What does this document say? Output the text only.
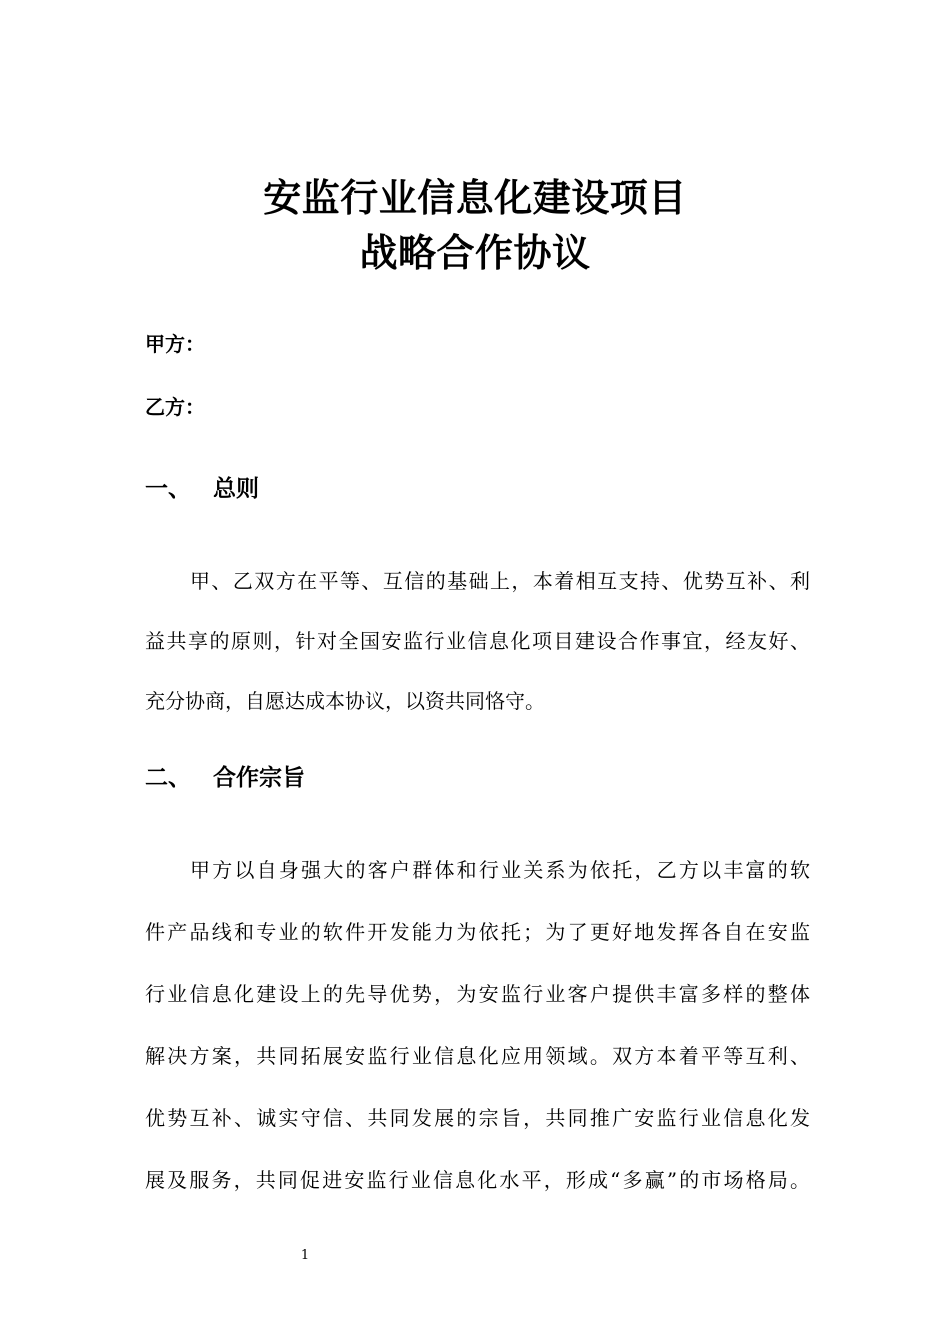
安监行业信息化建设项目
战略合作协议
甲方：
乙方：
一、 总则
甲、乙双方在平等、互信的基础上，本着相互支持、优势互补、利
益共享的原则，针对全国安监行业信息化项目建设合作事宜，经友好、
充分协商，自愿达成本协议，以资共同恪守。
二、 合作宗旨
甲方以自身强大的客户群体和行业关系为依托，乙方以丰富的软
件产品线和专业的软件开发能力为依托；为了更好地发挥各自在安监
行业信息化建设上的先导优势，为安监行业客户提供丰富多样的整体
解决方案，共同拓展安监行业信息化应用领域。双方本着平等互利、
优势互补、诚实守信、共同发展的宗旨，共同推广安监行业信息化发
展及服务，共同促进安监行业信息化水平，形成“多赢”的市场格局。
1
